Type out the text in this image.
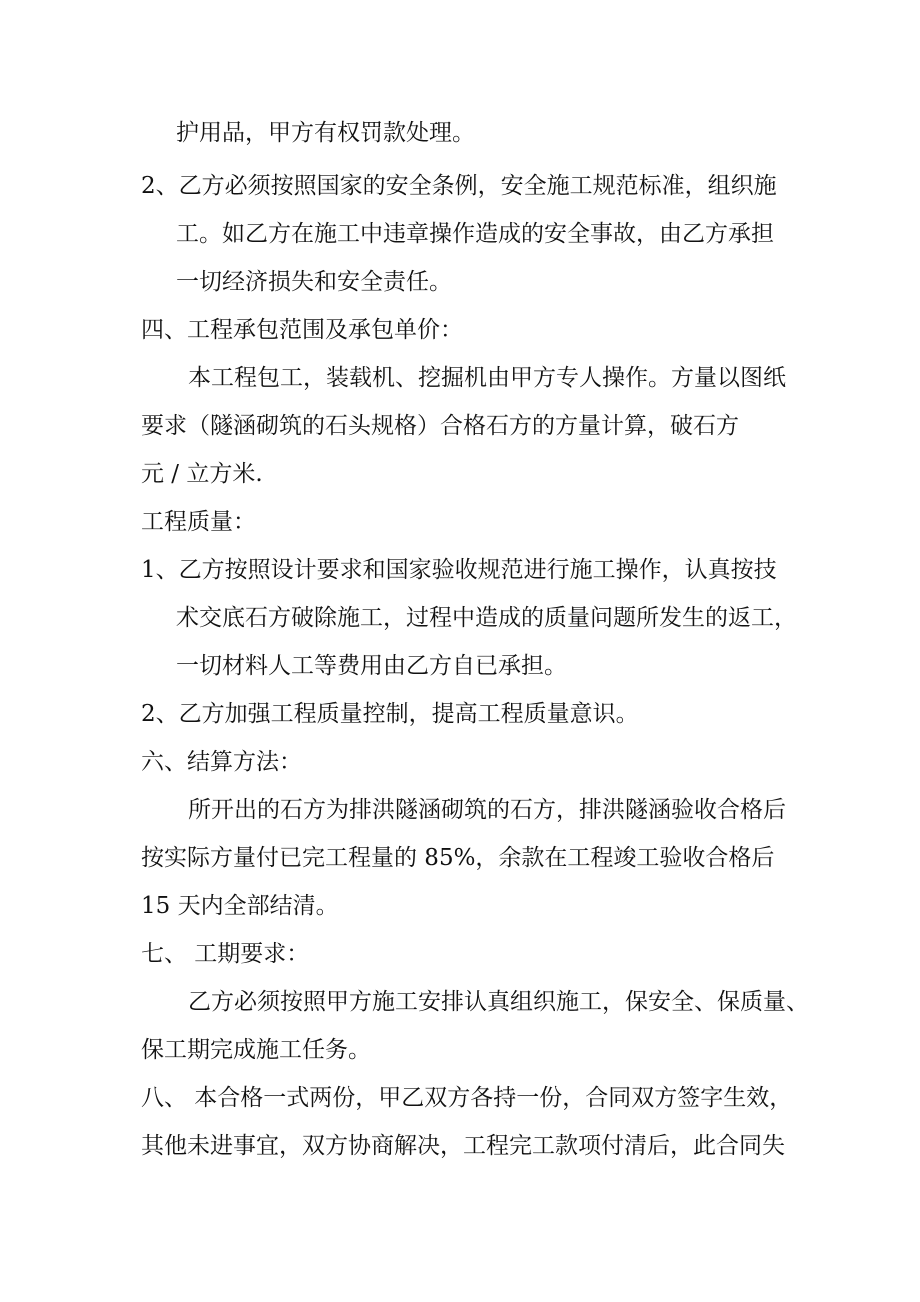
护用品，甲方有权罚款处理。
2、乙方必须按照国家的安全条例，安全施工规范标准，组织施
工。如乙方在施工中违章操作造成的安全事故，由乙方承担
一切经济损失和安全责任。
四、工程承包范围及承包单价：
本工程包工，装载机、挖掘机由甲方专人操作。方量以图纸
要求（隧涵砌筑的石头规格）合格石方的方量计算，破石方
元 / 立方米.
工程质量：
1、乙方按照设计要求和国家验收规范进行施工操作，认真按技
术交底石方破除施工，过程中造成的质量问题所发生的返工，
一切材料人工等费用由乙方自已承担。
2、乙方加强工程质量控制，提高工程质量意识。
六、结算方法：
所开出的石方为排洪隧涵砌筑的石方，排洪隧涵验收合格后
按实际方量付已完工程量的 85%，余款在工程竣工验收合格后
15 天内全部结清。
七、 工期要求：
乙方必须按照甲方施工安排认真组织施工，保安全、保质量、
保工期完成施工任务。
八、 本合格一式两份，甲乙双方各持一份，合同双方签字生效，
其他未进事宜，双方协商解决，工程完工款项付清后，此合同失
